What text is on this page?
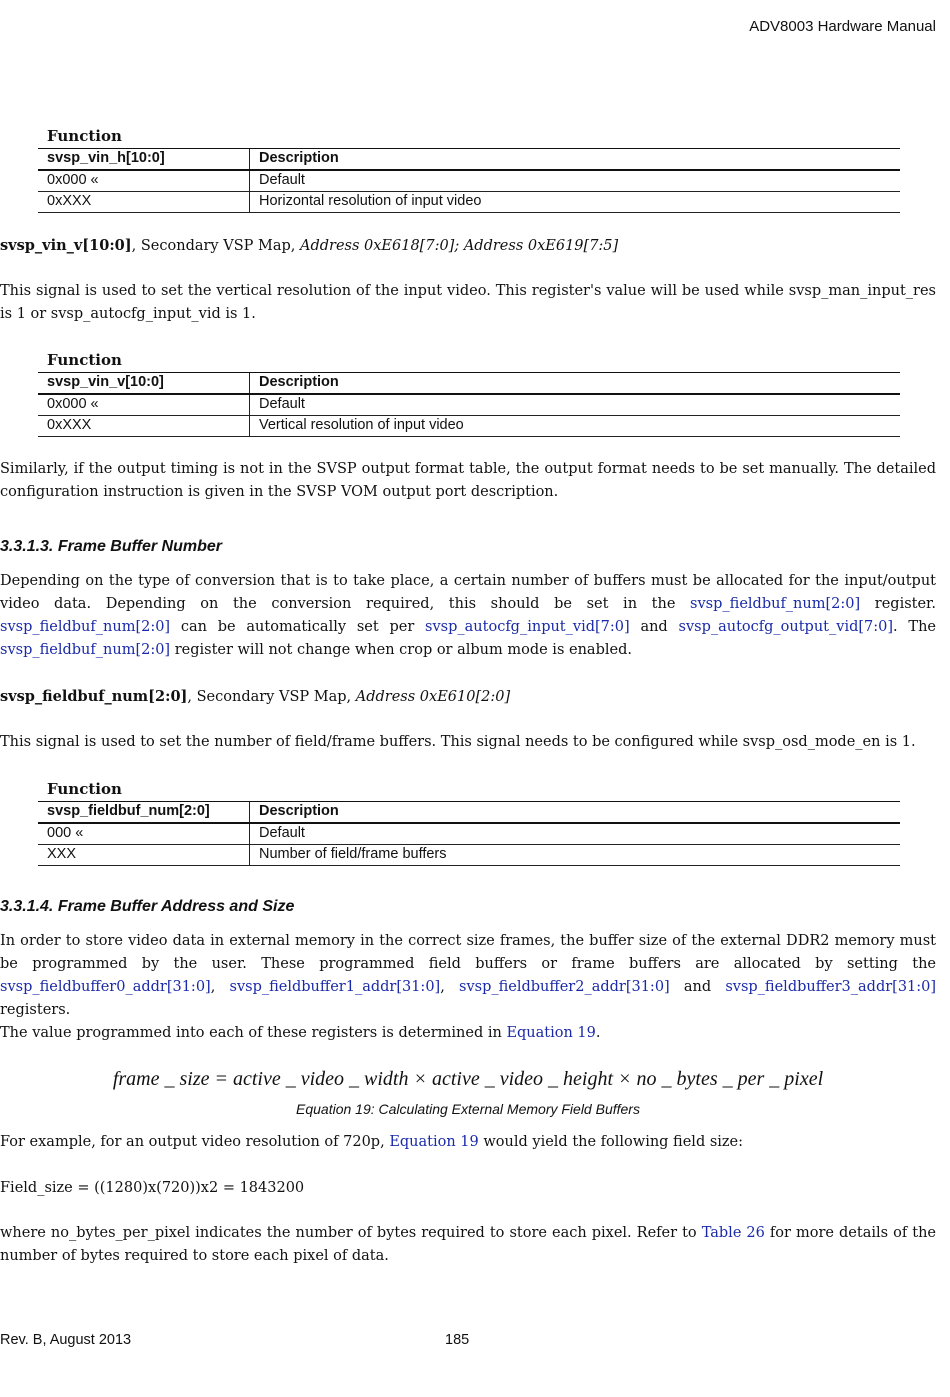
ADV8003 Hardware Manual
Function
svsp_vin_h[10:0]	Description
0x000 «	Default
0xXXX	Horizontal resolution of input video

svsp_vin_v[10:0], Secondary VSP Map, Address 0xE618[7:0]; Address 0xE619[7:5]

This signal is used to set the vertical resolution of the input video. This register's value will be used while svsp_man_input_res is 1 or svsp_autocfg_input_vid is 1.

Function
svsp_vin_v[10:0]	Description
0x000 «	Default
0xXXX	Vertical resolution of input video

Similarly, if the output timing is not in the SVSP output format table, the output format needs to be set manually. The detailed configuration instruction is given in the SVSP VOM output port description.

3.3.1.3. Frame Buffer Number

Depending on the type of conversion that is to take place, a certain number of buffers must be allocated for the input/output video data. Depending on the conversion required, this should be set in the svsp_fieldbuf_num[2:0] register. svsp_fieldbuf_num[2:0] can be automatically set per svsp_autocfg_input_vid[7:0] and svsp_autocfg_output_vid[7:0]. The svsp_fieldbuf_num[2:0] register will not change when crop or album mode is enabled.

svsp_fieldbuf_num[2:0], Secondary VSP Map, Address 0xE610[2:0]

This signal is used to set the number of field/frame buffers. This signal needs to be configured while svsp_osd_mode_en is 1.

Function
svsp_fieldbuf_num[2:0]	Description
000 «	Default
XXX	Number of field/frame buffers
3.3.1.4. Frame Buffer Address and Size

In order to store video data in external memory in the correct size frames, the buffer size of the external DDR2 memory must be programmed by the user. These programmed field buffers or frame buffers are allocated by setting the svsp_fieldbuffer0_addr[31:0], svsp_fieldbuffer1_addr[31:0], svsp_fieldbuffer2_addr[31:0] and svsp_fieldbuffer3_addr[31:0] registers.

The value programmed into each of these registers is determined in Equation 19.

frame _ size = active _ video _ width × active _ video _ height × no _ bytes _ per _ pixel
Equation 19: Calculating External Memory Field Buffers

For example, for an output video resolution of 720p, Equation 19 would yield the following field size:

Field_size = ((1280)x(720))x2 = 1843200

where no_bytes_per_pixel indicates the number of bytes required to store each pixel. Refer to Table 26 for more details of the number of bytes required to store each pixel of data.

Rev. B, August 2013	185
